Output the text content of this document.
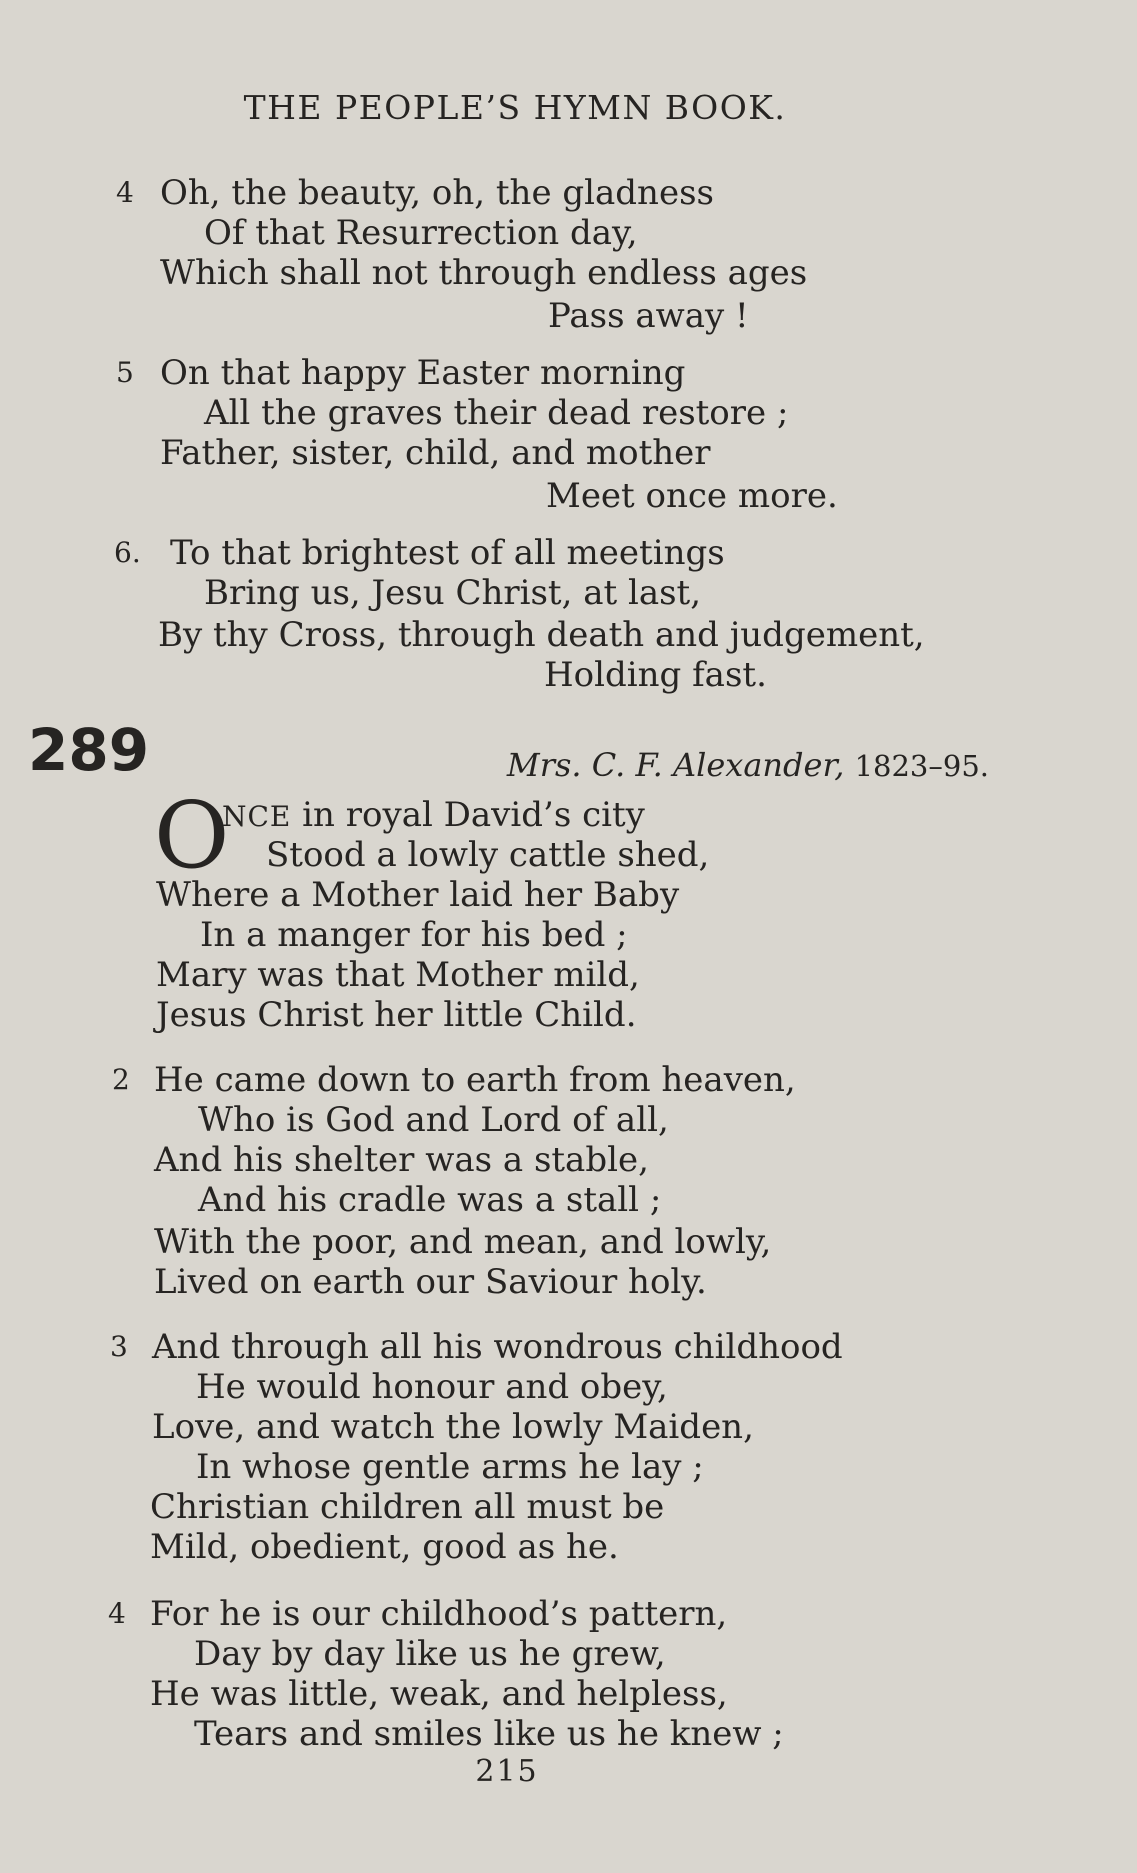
THE PEOPLE’S HYMN BOOK.
4 Oh, the beauty, oh, the gladness
Of that Resurrection day,
Which shall not through endless ages
Pass away !
5 On that happy Easter morning
All the graves their dead restore ;
Father, sister, child, and mother
Meet once more.
6. To that brightest of all meetings
Bring us, Jesu Christ, at last,
By thy Cross, through death and judgement,
Holding fast.
289	Mrs. C. F. Alexander, 1823–95.
O
NCE in royal David’s city
Stood a lowly cattle shed,
Where a Mother laid her Baby
In a manger for his bed ;
Mary was that Mother mild,
Jesus Christ her little Child.
2 He came down to earth from heaven,
Who is God and Lord of all,
And his shelter was a stable,
And his cradle was a stall ;
With the poor, and mean, and lowly,
Lived on earth our Saviour holy.
3 And through all his wondrous childhood
He would honour and obey,
Love, and watch the lowly Maiden,
In whose gentle arms he lay ;
Christian children all must be
Mild, obedient, good as he.
4 For he is our childhood’s pattern,
Day by day like us he grew,
He was little, weak, and helpless,
Tears and smiles like us he knew ;
215
